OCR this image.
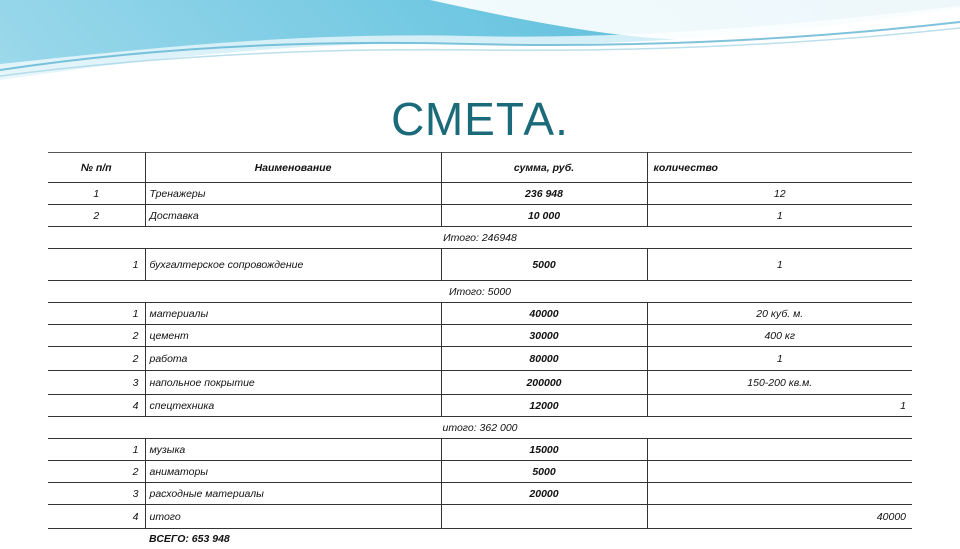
СМЕТА.
№ п/п	Наименование	сумма, руб.	количество
1	Тренажеры	236 948	12
2	Доставка	10 000	1
Итого: 246948			
1	бухгалтерское сопровождение	5000	1
Итого: 5000			
1	материалы	40000	20 куб. м.
2	цемент	30000	400 кг
2	работа	80000	1
3	напольное покрытие	200000	150-200 кв.м.
4	спецтехника	12000	1
итого: 362 000			
1	музыка	15000	
2	аниматоры	5000	
3	расходные материалы	20000	
4	итого		40000
	ВСЕГО: 653 948		
